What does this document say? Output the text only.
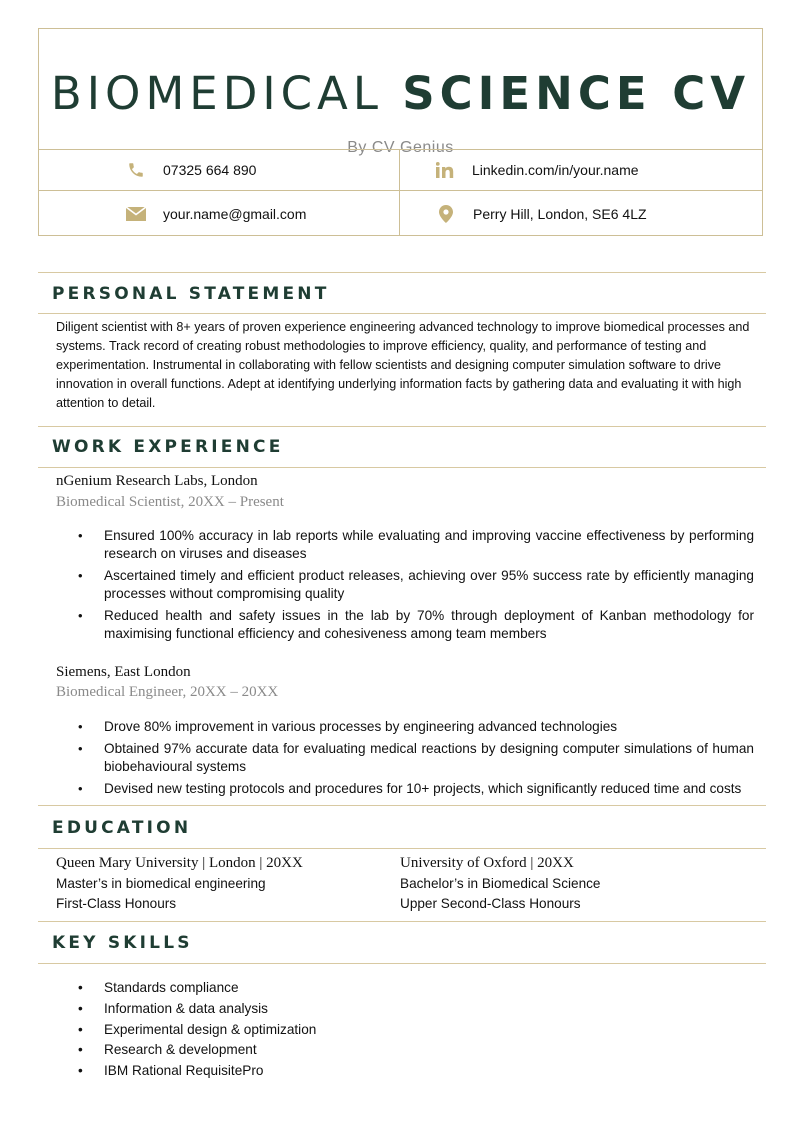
BIOMEDICAL SCIENCE CV
By CV Genius
07325 664 890	Linkedin.com/in/your.name
your.name@gmail.com	Perry Hill, London, SE6 4LZ
PERSONAL STATEMENT
Diligent scientist with 8+ years of proven experience engineering advanced technology to improve biomedical processes and systems. Track record of creating robust methodologies to improve efficiency, quality, and performance of testing and experimentation. Instrumental in collaborating with fellow scientists and designing computer simulation software to drive innovation in overall functions. Adept at identifying underlying information facts by gathering data and evaluating it with high attention to detail.
WORK EXPERIENCE
nGenium Research Labs, London
Biomedical Scientist, 20XX – Present
• Ensured 100% accuracy in lab reports while evaluating and improving vaccine effectiveness by performing research on viruses and diseases
• Ascertained timely and efficient product releases, achieving over 95% success rate by efficiently managing processes without compromising quality
• Reduced health and safety issues in the lab by 70% through deployment of Kanban methodology for maximising functional efficiency and cohesiveness among team members
Siemens, East London
Biomedical Engineer, 20XX – 20XX
• Drove 80% improvement in various processes by engineering advanced technologies
• Obtained 97% accurate data for evaluating medical reactions by designing computer simulations of human biobehavioural systems
• Devised new testing protocols and procedures for 10+ projects, which significantly reduced time and costs
EDUCATION
Queen Mary University | London | 20XX
Master’s in biomedical engineering
First-Class Honours
University of Oxford | 20XX
Bachelor’s in Biomedical Science
Upper Second-Class Honours
KEY SKILLS
• Standards compliance
• Information & data analysis
• Experimental design & optimization
• Research & development
• IBM Rational RequisitePro
